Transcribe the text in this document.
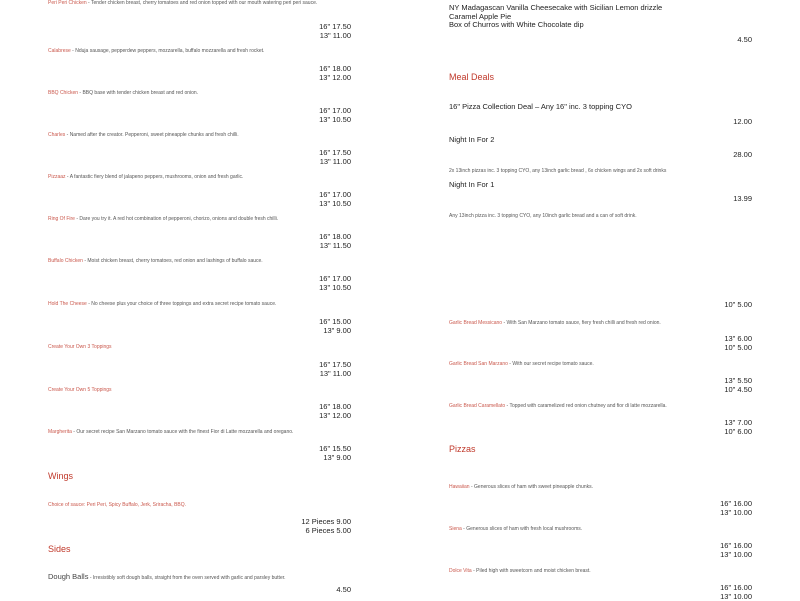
Peri Peri Chicken - Tender chicken breast, cherry tomatoes and red onion topped with our mouth watering peri peri sauce.
16" 17.50
13" 11.00
Calabrese - Nduja sausage, pepperdew peppers, mozzarella, buffalo mozzarella and fresh rocket.
16" 18.00
13" 12.00
BBQ Chicken - BBQ base with tender chicken breast and red onion.
16" 17.00
13" 10.50
Charles - Named after the creator. Pepperoni, sweet pineapple chunks and fresh chilli.
16" 17.50
13" 11.00
Pizzaaz - A fantastic fiery blend of jalapeno peppers, mushrooms, onion and fresh garlic.
16" 17.00
13" 10.50
Ring Of Fire - Dare you try it. A red hot combination of pepperoni, chorizo, onions and double fresh chilli.
16" 18.00
13" 11.50
Buffalo Chicken - Moist chicken breast, cherry tomatoes, red onion and lashings of buffalo sauce.
16" 17.00
13" 10.50
Hold The Cheese - No cheese plus your choice of three toppings and extra secret recipe tomato sauce.
16" 15.00
13" 9.00
Create Your Own 3 Toppings
16" 17.50
13" 11.00
Create Your Own 5 Toppings
16" 18.00
13" 12.00
Margherita - Our secret recipe San Marzano tomato sauce with the finest Fior di Latte mozzarella and oregano.
16" 15.50
13" 9.00
Wings
Choice of sauce: Peri Peri, Spicy Buffalo, Jerk, Sriracha, BBQ.
12 Pieces 9.00
6 Pieces 5.00
Sides
Dough Balls - Irresistibly soft dough balls, straight from the oven served with garlic and parsley butter.
4.50
NY Madagascan Vanilla Cheesecake with Sicilian Lemon drizzle
Caramel Apple Pie
Box of Churros with White Chocolate dip
4.50
Meal Deals
16" Pizza Collection Deal – Any 16" inc. 3 topping CYO
12.00
Night In For 2
28.00
2x 13inch pizzas inc. 3 topping CYO, any 13inch garlic bread , 6x chicken wings and 2x soft drinks
Night In For 1
13.99
Any 13inch pizza inc. 3 topping CYO, any 10inch garlic bread and a can of soft drink.
10" 5.00
Garlic Bread Messicano - With San Marzano tomato sauce, fiery fresh chilli and fresh red onion.
13" 6.00
10" 5.00
Garlic Bread San Marzano - With our secret recipe tomato sauce.
13" 5.50
10" 4.50
Garlic Bread Caramellato - Topped with caramelized red onion chutney and fior di latte mozzarella.
13" 7.00
10" 6.00
Pizzas
Hawaiian - Generous slices of ham with sweet pineapple chunks.
16" 16.00
13" 10.00
Siena - Generous slices of ham with fresh local mushrooms.
16" 16.00
13" 10.00
Dolce Vita - Piled high with sweetcorn and moist chicken breast.
16" 16.00
13" 10.00
